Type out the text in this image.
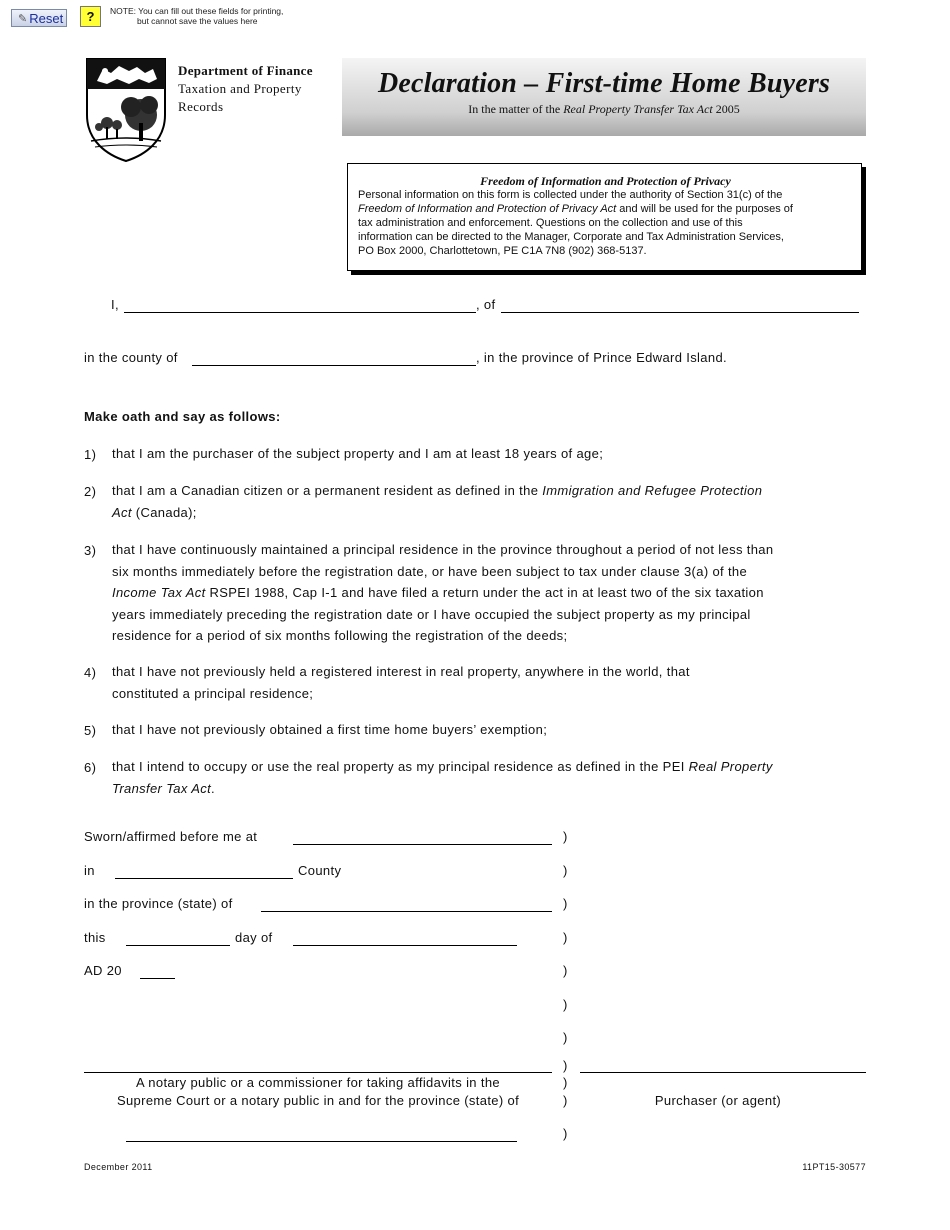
✎ Reset	?	NOTE: You can fill out these fields for printing,
but cannot save the values here
Department of Finance
Taxation and Property
Records
Declaration – First-time Home Buyers
In the matter of the Real Property Transfer Tax Act 2005
Freedom of Information and Protection of Privacy
Personal information on this form is collected under the authority of Section 31(c) of the
Freedom of Information and Protection of Privacy Act and will be used for the purposes of
tax administration and enforcement. Questions on the collection and use of this
information can be directed to the Manager, Corporate and Tax Administration Services,
PO Box 2000, Charlottetown, PE C1A 7N8 (902) 368-5137.
I,	, of
in the county of	, in the province of Prince Edward Island.
Make oath and say as follows:
1) that I am the purchaser of the subject property and I am at least 18 years of age;
2) that I am a Canadian citizen or a permanent resident as defined in the Immigration and Refugee Protection
Act (Canada);
3) that I have continuously maintained a principal residence in the province throughout a period of not less than
six months immediately before the registration date, or have been subject to tax under clause 3(a) of the
Income Tax Act RSPEI 1988, Cap I-1 and have filed a return under the act in at least two of the six taxation
years immediately preceding the registration date or I have occupied the subject property as my principal
residence for a period of six months following the registration of the deeds;
4) that I have not previously held a registered interest in real property, anywhere in the world, that
constituted a principal residence;
5) that I have not previously obtained a first time home buyers’ exemption;
6) that I intend to occupy or use the real property as my principal residence as defined in the PEI Real Property
Transfer Tax Act.
Sworn/affirmed before me at	)
in	County	)
in the province (state) of	)
this	day of	)
AD 20	)
)
)
)
)
)
)
A notary public or a commissioner for taking affidavits in the
Supreme Court or a notary public in and for the province (state) of	Purchaser (or agent)
December 2011	11PT15-30577
